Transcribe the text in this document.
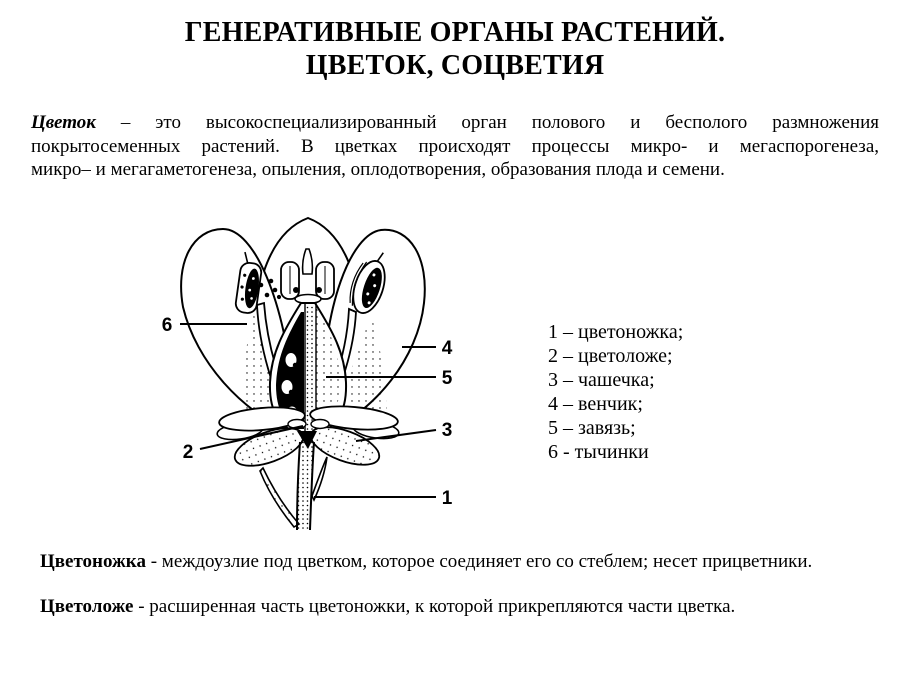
ГЕНЕРАТИВНЫЕ ОРГАНЫ РАСТЕНИЙ.
ЦВЕТОК, СОЦВЕТИЯ
Цветок – это высокоспециализированный орган полового и бесполого размножения
покрытосеменных растений. В цветках происходят процессы микро- и мегаспорогенеза,
микро– и мегагаметогенеза, опыления, оплодотворения, образования плода и семени.
6
4
5
3
2
1
1 – цветоножка;
2 – цветоложе;
3 – чашечка;
4 – венчик;
5 – завязь;
6 - тычинки
Цветоножка - междоузлие под цветком, которое соединяет его со стеблем; несет прицветники.
Цветоложе - расширенная часть цветоножки, к которой прикрепляются части цветка.
